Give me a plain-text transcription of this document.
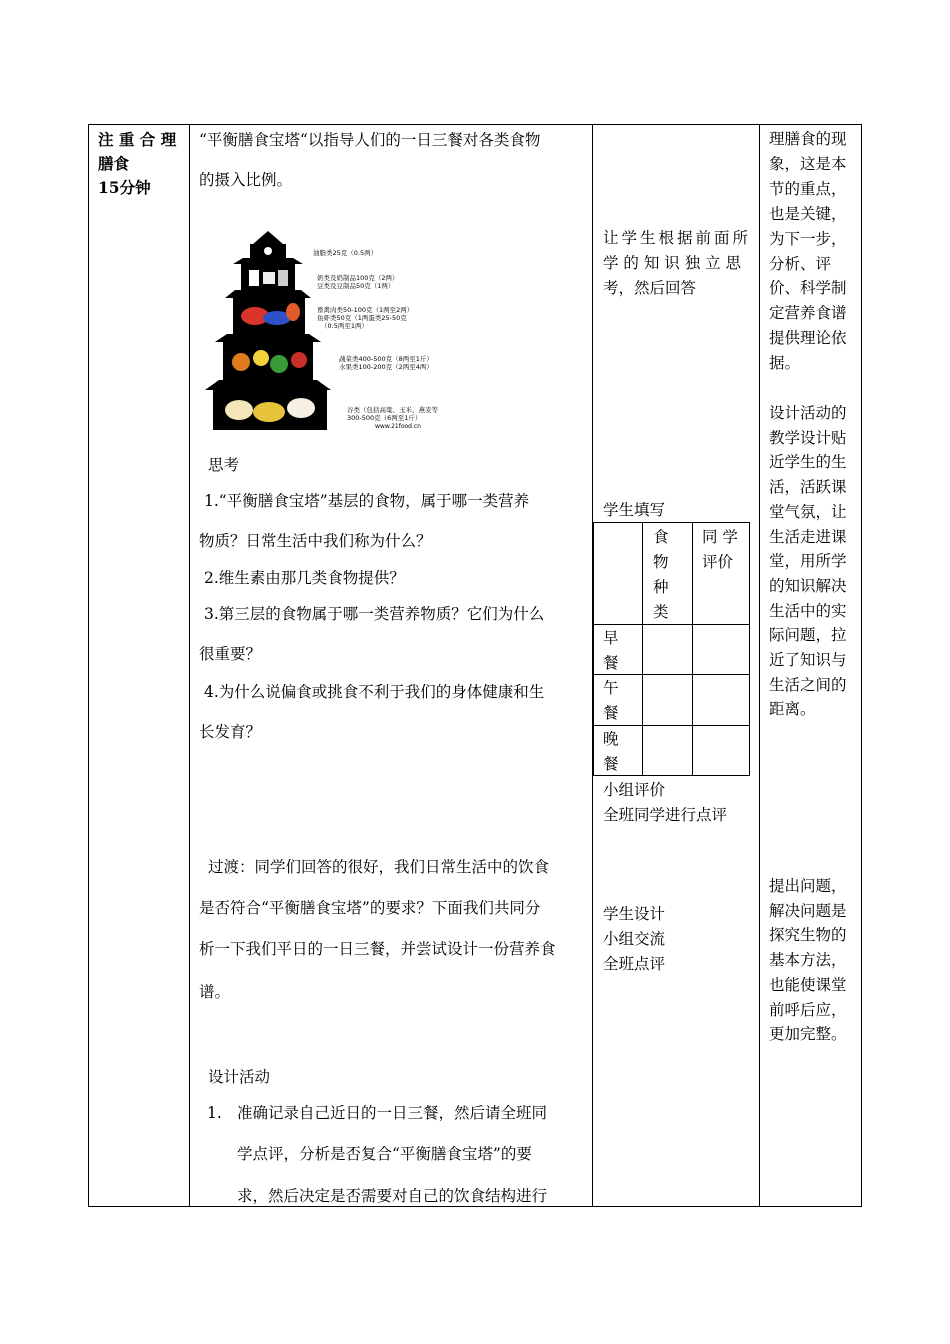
注 重 合 理
膳食
15分钟
“平衡膳食宝塔“以指导人们的一日三餐对各类食物
的摄入比例。
油脂类25克（0.5两）
奶类及奶制品100克（2两）
豆类及豆制品50克（1两）
畜禽肉类50-100克（1两至2两）
鱼虾类50克（1两蛋类25-50克
（0.5两至1两）
蔬菜类400-500克（8两至1斤）
水果类100-200克（2两至4两）
谷类（包括高粱、玉米、燕麦等
300-500克（6两至1斤）
www.21food.cn
思考
1.“平衡膳食宝塔”基层的食物，属于哪一类营养
物质？日常生活中我们称为什么？
2.维生素由那几类食物提供？
3.第三层的食物属于哪一类营养物质？它们为什么
很重要？
4.为什么说偏食或挑食不利于我们的身体健康和生
长发育？
过渡：同学们回答的很好，我们日常生活中的饮食
是否符合“平衡膳食宝塔”的要求？下面我们共同分
析一下我们平日的一日三餐，并尝试设计一份营养食
谱。
设计活动
1. 准确记录自己近日的一日三餐，然后请全班同
学点评，分析是否复合“平衡膳食宝塔”的要
求，然后决定是否需要对自己的饮食结构进行
让学生根据前面所
学 的 知 识 独 立 思
考，然后回答
学生填写
食
物
种
类
同 学
评价
早
餐
午
餐
晚
餐
小组评价
全班同学进行点评
学生设计
小组交流
全班点评
理膳食的现
象，这是本
节的重点，
也是关键，
为下一步，
分析、评
价、科学制
定营养食谱
提供理论依
据。
设计活动的
教学设计贴
近学生的生
活，活跃课
堂气氛，让
生活走进课
堂，用所学
的知识解决
生活中的实
际问题，拉
近了知识与
生活之间的
距离。
提出问题，
解决问题是
探究生物的
基本方法，
也能使课堂
前呼后应，
更加完整。
